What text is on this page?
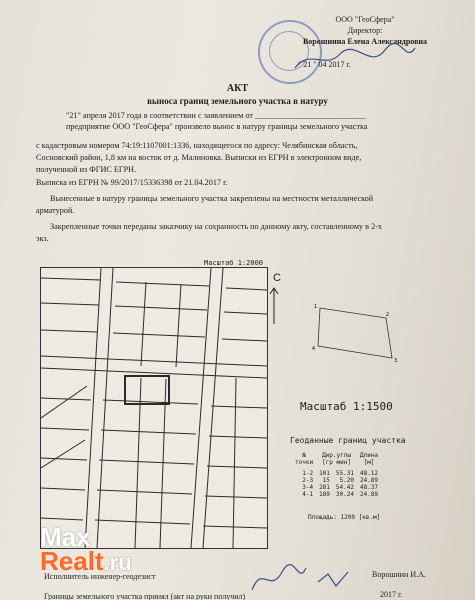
ООО "ГеоСфера"
Директор:
Ворошнина Елена Александровна
" 21 " 04 2017 г.
АКТ
выноса границ земельного участка в натуру
"21" апреля 2017 года в соответствии с заявлением от ___________________________
предприятие ООО "ГеоСфера" произвело вынос в натуру границы земельного участка
с кадастровым номером 74:19:1107001:1336, находящегося по адресу: Челябинская область,
Сосновский район, 1,8 км на восток от д. Малиновка. Выписки из ЕГРН в электронном виде,
полученной из ФГИС ЕГРН.
Выписка из ЕГРН № 99/2017/15336398 от 21.04.2017 г.
Вынесенные в натуру границы земельного участка закреплены на местности металлической
арматурой.
Закрепленные точки переданы заказчику на сохранность по данному акту, составленному в 2-х
экз.
Масштаб 1:2000
С
1
2
3
4
Масштаб 1:1500
Геоданные границ участка
№	Дир.углы		Длина
точки	[гр мин]		[м]

1-2	101	55.31	48.12
2-3	15	5.20	24.89
3-4	281	54.42	48.37
4-1	189	30.24	24.89
Площадь: 1200 [кв.м]
Исполнитель инженер-геодезист	Ворошнин И.А.
2017 г.
Границы земельного участка принял (акт на руки получил)
Max
Realt.ru
